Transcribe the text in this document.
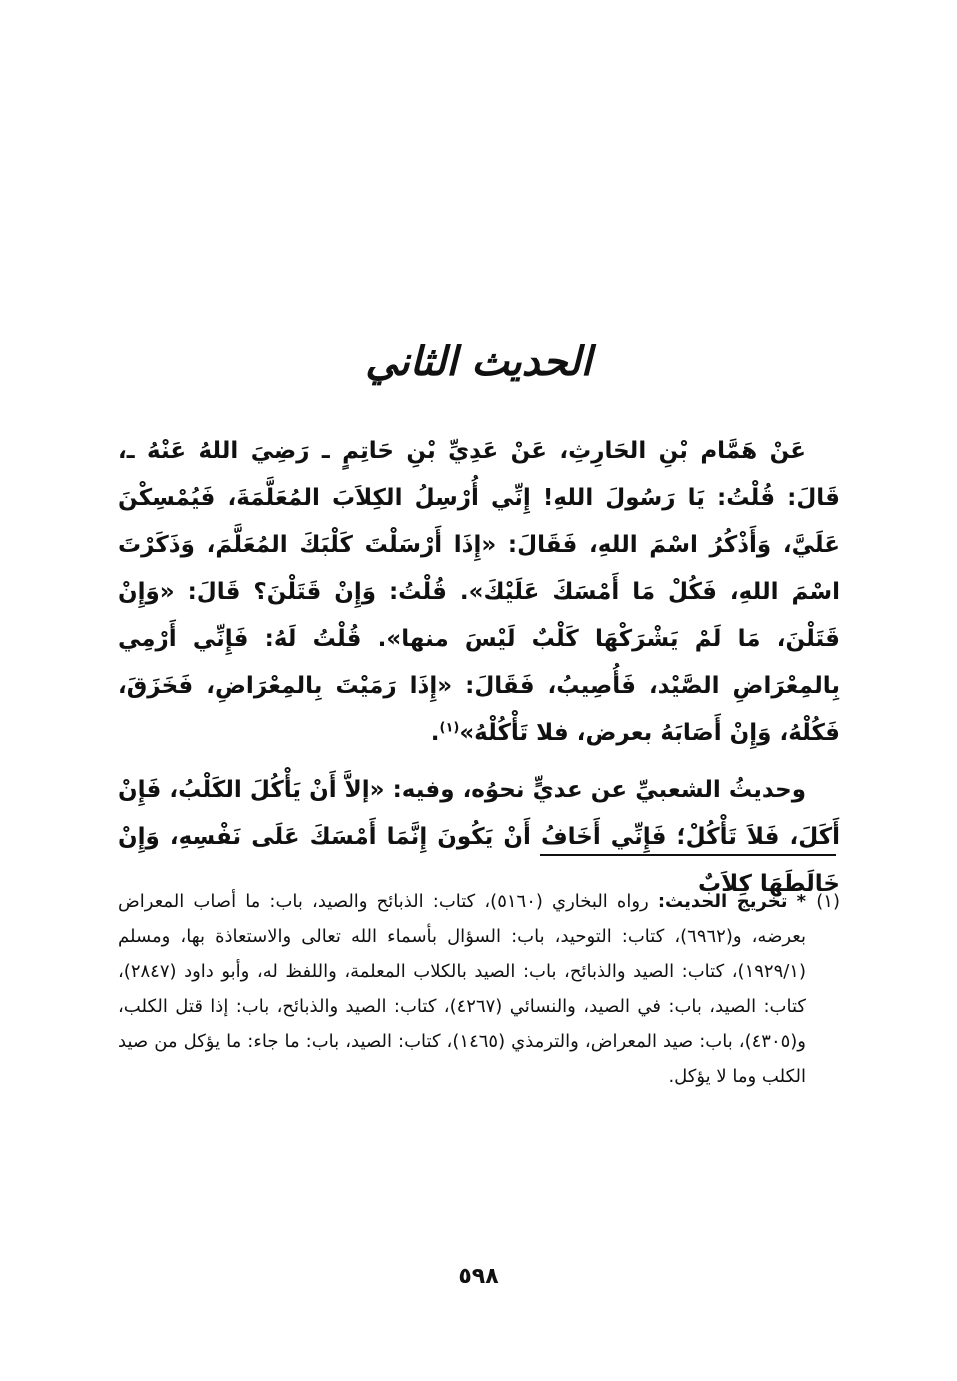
الحديث الثاني

عَنْ هَمَّام بْنِ الحَارِثِ، عَنْ عَدِيِّ بْنِ حَاتِمٍ ـ رَضِيَ اللهُ عَنْهُ ـ، قَالَ: قُلْتُ: يَا رَسُولَ اللهِ! إِنِّي أُرْسِلُ الكِلاَبَ المُعَلَّمَةَ، فَيُمْسِكْنَ عَلَيَّ، وَأَذْكُرُ اسْمَ اللهِ، فَقَالَ: «إِذَا أَرْسَلْتَ كَلْبَكَ المُعَلَّمَ، وَذَكَرْتَ اسْمَ اللهِ، فَكُلْ مَا أَمْسَكَ عَلَيْكَ». قُلْتُ: وَإِنْ قَتَلْنَ؟ قَالَ: «وَإِنْ قَتَلْنَ، مَا لَمْ يَشْرَكْهَا كَلْبٌ لَيْسَ منها». قُلْتُ لَهُ: فَإِنِّي أَرْمِي بِالمِعْرَاضِ الصَّيْد، فَأُصِيبُ، فَقَالَ: «إِذَا رَمَيْتَ بِالمِعْرَاضِ، فَخَزَقَ، فَكُلْهُ، وَإِنْ أَصَابَهُ بعرض، فلا تَأْكُلْهُ»$^{(١)}$.

وحديثُ الشعبيِّ عن عديٍّ نحوُه، وفيه: «إلاَّ أَنْ يَأْكُلَ الكَلْبُ، فَإِنْ أَكَلَ، فَلاَ تَأْكُلْ؛ فَإِنِّي أَخَافُ أَنْ يَكُونَ إِنَّمَا أَمْسَكَ عَلَى نَفْسِهِ، وَإِنْ خَالَطَهَا كِلاَبٌ

(١)
* تخريج الحديث: رواه البخاري (٥١٦٠)، كتاب: الذبائح والصيد، باب: ما أصاب المعراض بعرضه، و(٦٩٦٢)، كتاب: التوحيد، باب: السؤال بأسماء الله تعالى والاستعاذة بها، ومسلم (١٩٢٩/١)، كتاب: الصيد والذبائح، باب: الصيد بالكلاب المعلمة، واللفظ له، وأبو داود (٢٨٤٧)، كتاب: الصيد، باب: في الصيد، والنسائي (٤٢٦٧)، كتاب: الصيد والذبائح، باب: إذا قتل الكلب، و(٤٣٠٥)، باب: صيد المعراض، والترمذي (١٤٦٥)، كتاب: الصيد، باب: ما جاء: ما يؤكل من صيد الكلب وما لا يؤكل.
٥٩٨
